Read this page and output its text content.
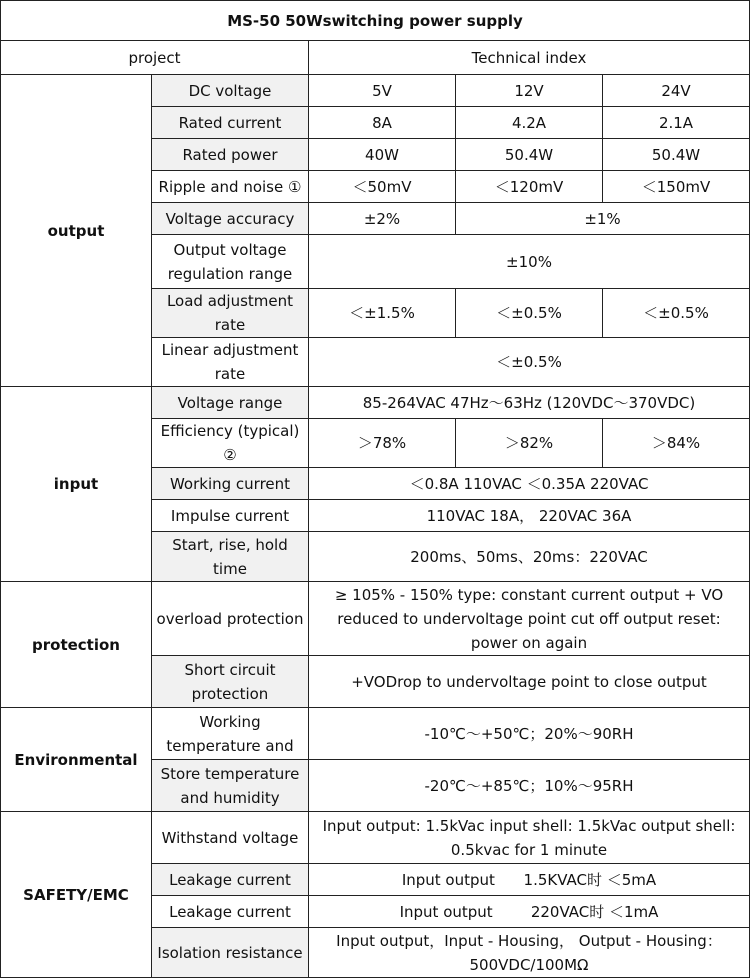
MS-50 50Wswitching power supply				
project		Technical index		
output	DC voltage	5V	12V	24V
	Rated current	8A	4.2A	2.1A
	Rated power	40W	50.4W	50.4W
	Ripple and noise ①	＜50mV	＜120mV	＜150mV
	Voltage accuracy	±2%	±1%	
	Output voltage regulation range	±10%		
	Load adjustment rate	＜±1.5%	＜±0.5%	＜±0.5%
	Linear adjustment rate	＜±0.5%		
input	Voltage range	85-264VAC 47Hz～63Hz (120VDC～370VDC)		
	Efficiency (typical) ②	＞78%	＞82%	＞84%
	Working current	＜0.8A 110VAC ＜0.35A 220VAC		
	Impulse current	110VAC 18A， 220VAC 36A		
	Start, rise, hold time	200ms、50ms、20ms：220VAC		
protection	overload protection	≥ 105% - 150% type: constant current output + VO reduced to undervoltage point cut off output reset: power on again		
	Short circuit protection	+VODrop to undervoltage point to close output		
Environmental	Working temperature and	-10℃～+50℃；20%～90RH		
	Store temperature and humidity	-20℃～+85℃；10%～95RH		
SAFETY/EMC	Withstand voltage	Input output: 1.5kVac input shell: 1.5kVac output shell: 0.5kvac for 1 minute		
	Leakage current	Input output      1.5KVAC时 ＜5mA		
	Leakage current	Input output        220VAC时 ＜1mA		
	Isolation resistance	Input output，Input - Housing， Output - Housing：500VDC/100MΩ		
